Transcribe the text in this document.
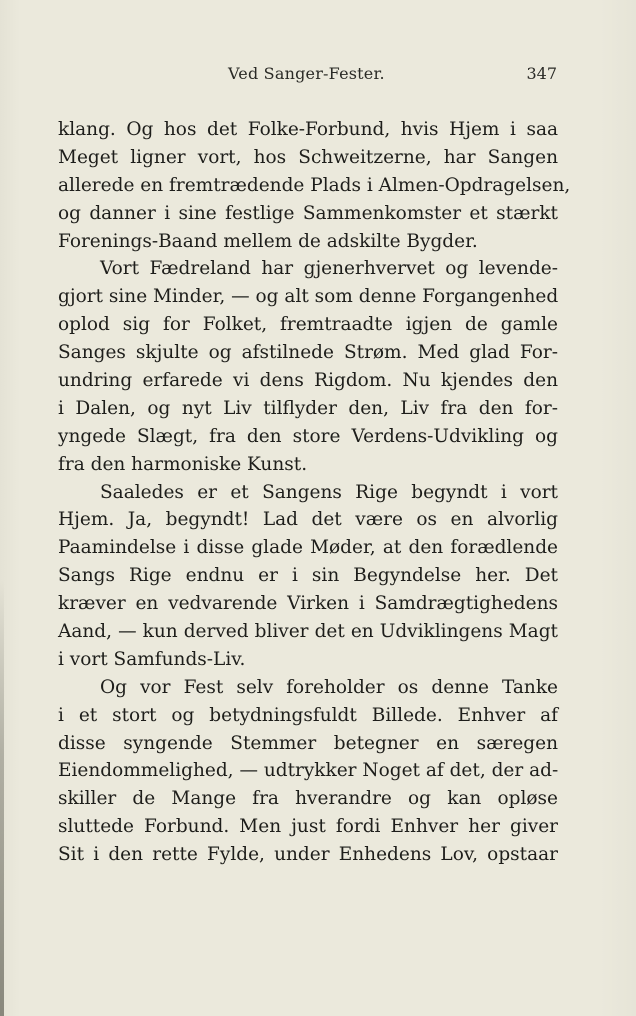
Ved Sanger-Fester.	347
klang. Og hos det Folke-Forbund, hvis Hjem i saa
Meget ligner vort, hos Schweitzerne, har Sangen
allerede en fremtrædende Plads i Almen-Opdragelsen,
og danner i sine festlige Sammenkomster et stærkt
Forenings-Baand mellem de adskilte Bygder.
Vort Fædreland har gjenerhvervet og levende-
gjort sine Minder, — og alt som denne Forgangenhed
oplod sig for Folket, fremtraadte igjen de gamle
Sanges skjulte og afstilnede Strøm. Med glad For-
undring erfarede vi dens Rigdom. Nu kjendes den
i Dalen, og nyt Liv tilflyder den, Liv fra den for-
yngede Slægt, fra den store Verdens-Udvikling og
fra den harmoniske Kunst.
Saaledes er et Sangens Rige begyndt i vort
Hjem. Ja, begyndt! Lad det være os en alvorlig
Paamindelse i disse glade Møder, at den forædlende
Sangs Rige endnu er i sin Begyndelse her. Det
kræver en vedvarende Virken i Samdrægtighedens
Aand, — kun derved bliver det en Udviklingens Magt
i vort Samfunds-Liv.
Og vor Fest selv foreholder os denne Tanke
i et stort og betydningsfuldt Billede. Enhver af
disse syngende Stemmer betegner en særegen
Eiendommelighed, — udtrykker Noget af det, der ad-
skiller de Mange fra hverandre og kan opløse
sluttede Forbund. Men just fordi Enhver her giver
Sit i den rette Fylde, under Enhedens Lov, opstaar
